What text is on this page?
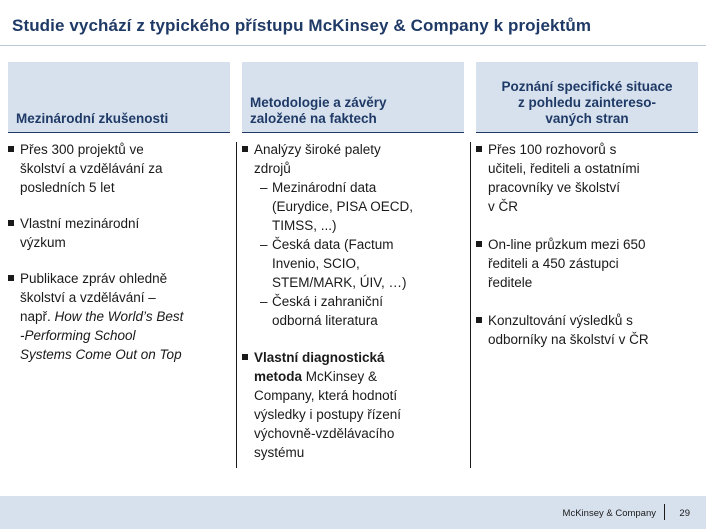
Studie vychází z typického přístupu McKinsey & Company k projektům
Mezinárodní zkušenosti
Přes 300 projektů ve
školství a vzdělávání za
posledních 5 let
Vlastní mezinárodní
výzkum
Publikace zpráv ohledně
školství a vzdělávání –
např. How the World’s Best
-Performing School
Systems Come Out on Top
Metodologie a závěry
založené na faktech
Analýzy široké palety
zdrojů
– Mezinárodní data
(Eurydice, PISA OECD,
TIMSS, ...)
– Česká data (Factum
Invenio, SCIO,
STEM/MARK, ÚIV, …)
– Česká i zahraniční
odborná literatura
Vlastní diagnostická
metoda McKinsey &
Company, která hodnotí
výsledky i postupy řízení
výchovně-vzdělávacího
systému
Poznání specifické situace
z pohledu zaintereso-
vaných stran
Přes 100 rozhovorů s
učiteli, řediteli a ostatními
pracovníky ve školství
v ČR
On-line průzkum mezi 650
řediteli a 450 zástupci
ředitele
Konzultování výsledků s
odborníky na školství v ČR
McKinsey & Company 29
